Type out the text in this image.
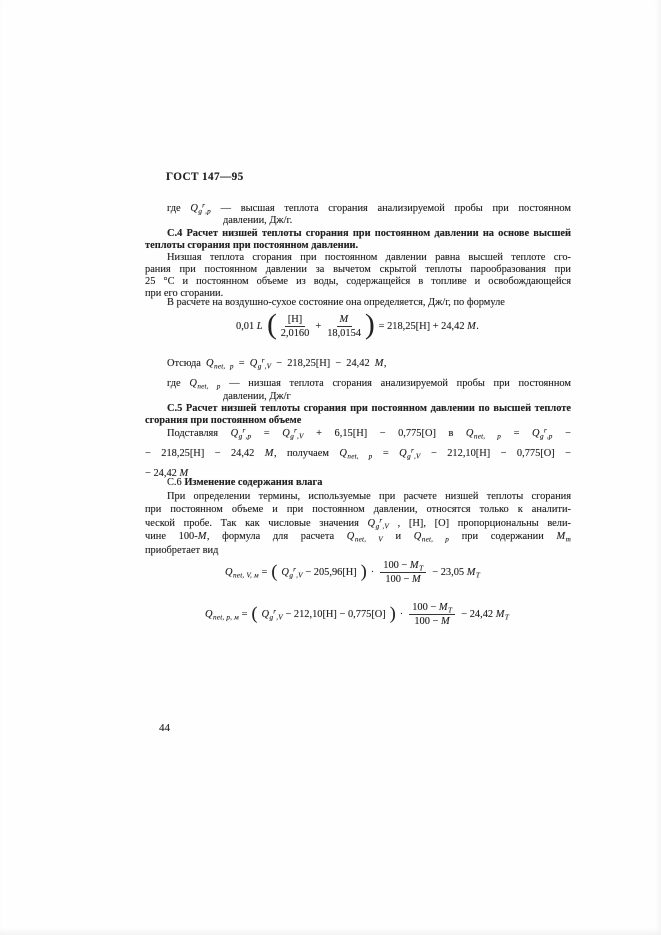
ГОСТ 147—95
где $Q_g^r_{,p}$ — высшая теплота сгорания анализируемой пробы при постоянном
давлении, Дж/г.
С.4 Расчет низшей теплоты сгорания при постоянном давлении на основе высшей
теплоты сгорания при постоянном давлении.
Низшая теплота сгорания при постоянном давлении равна высшей теплоте сго-
рания при постоянном давлении за вычетом скрытой теплоты парообразования при
25 °С и постоянном объеме из воды, содержащейся в топливе и освобождающейся
при его сгорании.
В расчете на воздушно-сухое состояние она определяется, Дж/г, по формуле
0,01 L ( $\frac{[H]}{2,0160} + \frac{M}{18,0154}$ ) = 218,25[H] + 24,42 M.
Отсюда $Q_{net, p} = Q_g^r_{,V} - 218,25[H] - 24,42$ M,
где $Q_{net, p}$ — низшая теплота сгорания анализируемой пробы при постоянном
давлении, Дж/г
С.5 Расчет низшей теплоты сгорания при постоянном давлении по высшей теплоте
сгорания при постоянном объеме
Подставляя $Q_g^r_{,p} = Q_g^r_{,V} + 6,15[H] - 0,775[O]$ в $Q_{net, p} = Q_g^r_{,p}$ −
− 218,25[H] − 24,42 M, получаем $Q_{net, p} = Q_g^r_{,V} - 212,10[H] - 0,775[O]$ −
− 24,42 M
С.6 Изменение содержания влага
При определении термины, используемые при расчете низшей теплоты сгорания
при постоянном объеме и при постоянном давлении, относятся только к аналити-
ческой пробе. Так как числовые значения $Q_g^r_{,V}$ , [H], [O] пропорциональны вели-
чине 100-M, формула для расчета $Q_{net, V}$ и $Q_{net, p}$ при содержании $M_т$
приобретает вид
$Q_{net, V, м}$ = ( $Q_g^r_{,V} - 205,96[H]$ ) · $\frac{100 - M_T}{100 - M} - 23,05$ $M_T$
$Q_{net, p, м}$ = ( $Q_g^r_{,V} - 212,10[H] - 0,775[O]$ ) · $\frac{100 - M_T}{100 - M} - 24,42$ $M_T$
44
